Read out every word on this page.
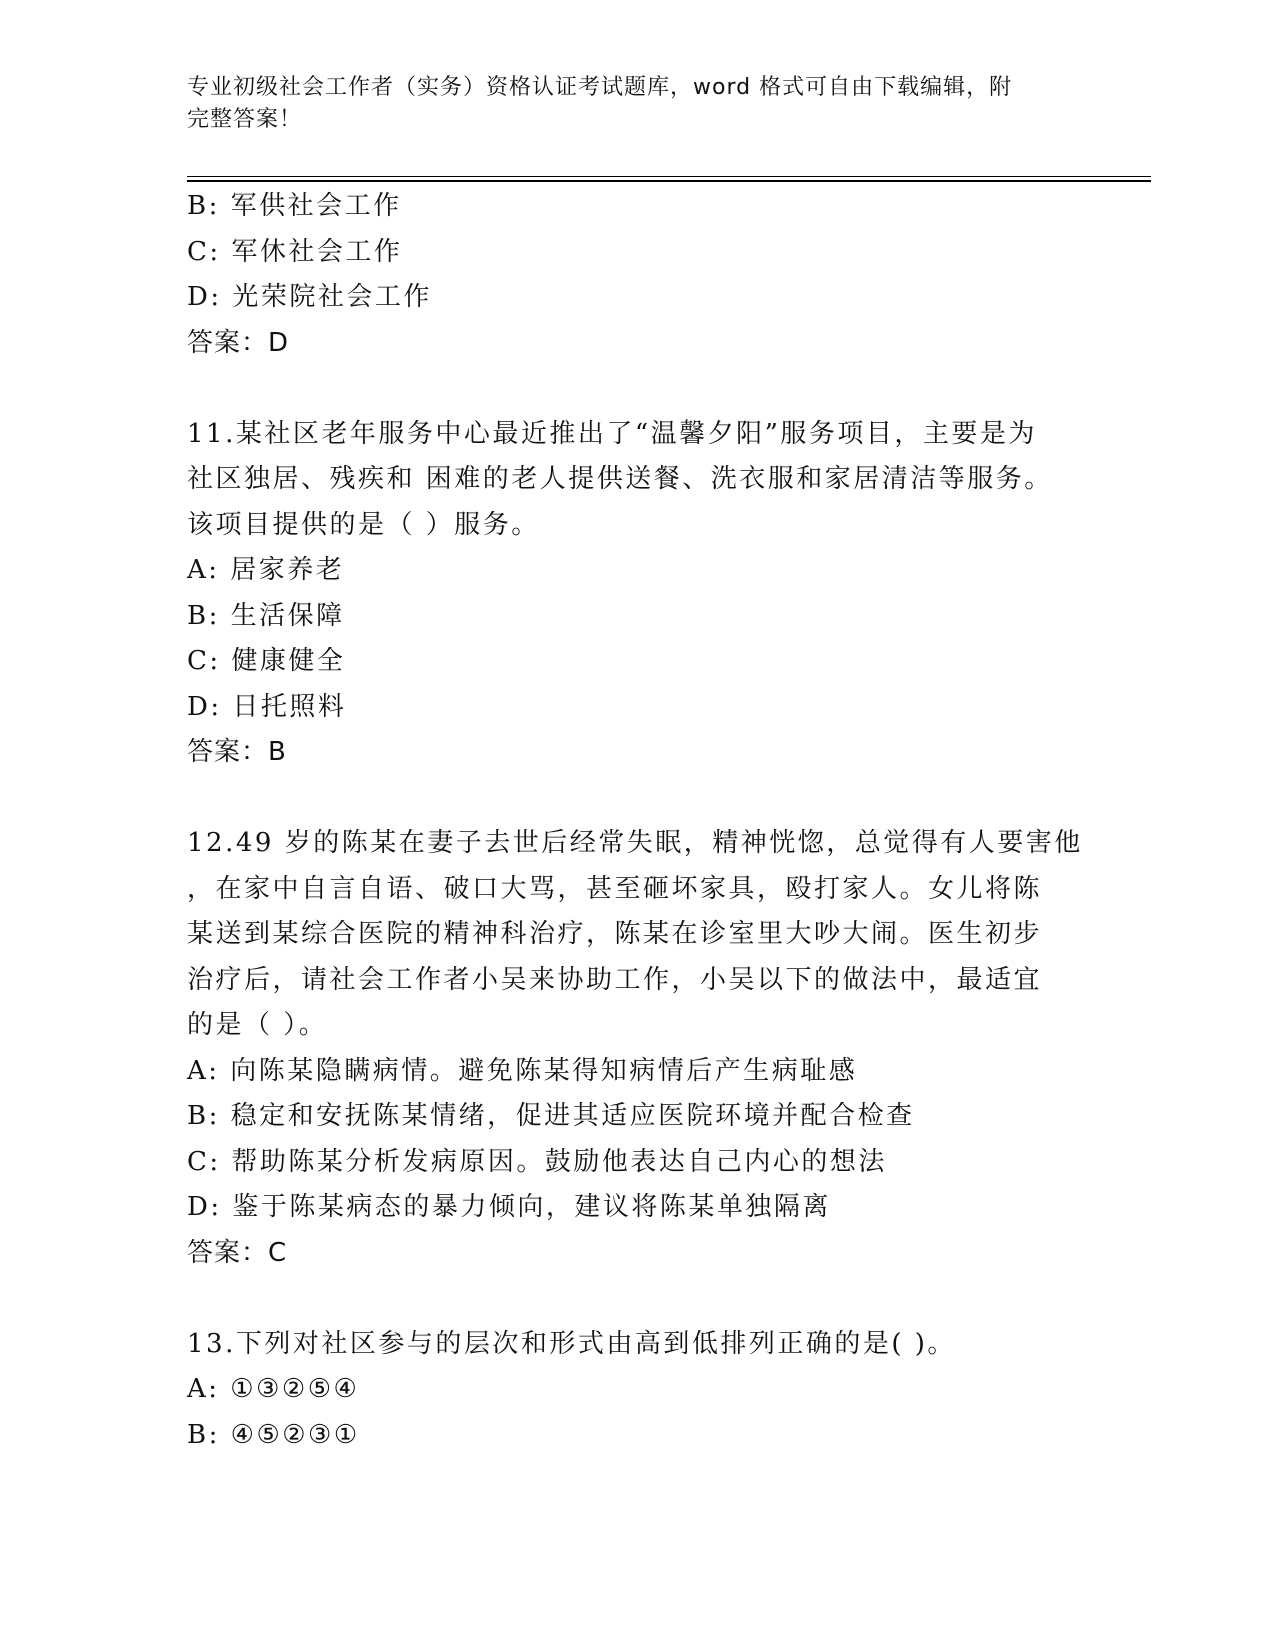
专业初级社会工作者（实务）资格认证考试题库，word 格式可自由下载编辑，附
完整答案！
B: 军供社会工作
C: 军休社会工作
D: 光荣院社会工作
答案：D
11.某社区老年服务中心最近推出了“温馨夕阳”服务项目，主要是为
社区独居、残疾和 困难的老人提供送餐、洗衣服和家居清洁等服务。
该项目提供的是（ ）服务。
A: 居家养老
B: 生活保障
C: 健康健全
D: 日托照料
答案：B
12.49 岁的陈某在妻子去世后经常失眠，精神恍惚，总觉得有人要害他
，在家中自言自语、破口大骂，甚至砸坏家具，殴打家人。女儿将陈
某送到某综合医院的精神科治疗，陈某在诊室里大吵大闹。医生初步
治疗后，请社会工作者小吴来协助工作，小吴以下的做法中，最适宜
的是（ ）。
A: 向陈某隐瞒病情。避免陈某得知病情后产生病耻感
B: 稳定和安抚陈某情绪，促进其适应医院环境并配合检查
C: 帮助陈某分析发病原因。鼓励他表达自己内心的想法
D: 鉴于陈某病态的暴力倾向，建议将陈某单独隔离
答案：C
13.下列对社区参与的层次和形式由高到低排列正确的是( )。
A: ①③②⑤④
B: ④⑤②③①
